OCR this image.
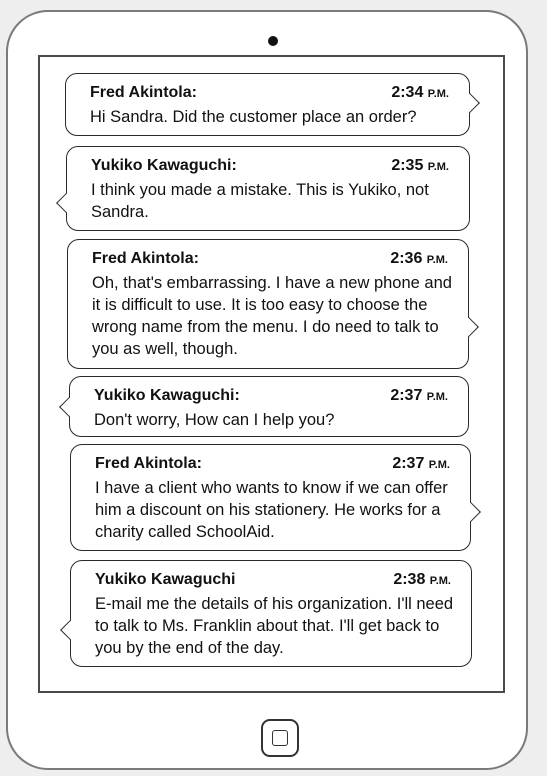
Fred Akintola:	2:34 P.M.
Hi Sandra. Did the customer place an order?
Yukiko Kawaguchi:	2:35 P.M.
I think you made a mistake. This is Yukiko, not Sandra.
Fred Akintola:	2:36 P.M.
Oh, that's embarrassing. I have a new phone and it is difficult to use. It is too easy to choose the wrong name from the menu. I do need to talk to you as well, though.
Yukiko Kawaguchi:	2:37 P.M.
Don't worry, How can I help you?
Fred Akintola:	2:37 P.M.
I have a client who wants to know if we can offer him a discount on his stationery. He works for a charity called SchoolAid.
Yukiko Kawaguchi	2:38 P.M.
E-mail me the details of his organization. I'll need to talk to Ms. Franklin about that. I'll get back to you by the end of the day.
